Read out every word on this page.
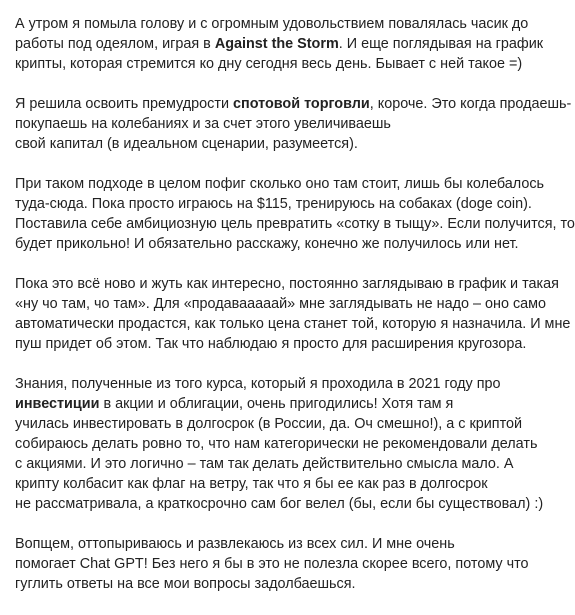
А утром я помыла голову и с огромным удовольствием повалялась часик до
работы под одеялом, играя в Against the Storm. И еще поглядывая на график
крипты, которая стремится ко дну сегодня весь день. Бывает с ней такое =)

Я решила освоить премудрости спотовой торговли, короче. Это когда продаешь-
покупаешь на колебаниях и за счет этого увеличиваешь
свой капитал (в идеальном сценарии, разумеется).

При таком подходе в целом пофиг сколько оно там стоит, лишь бы колебалось
туда-сюда. Пока просто играюсь на $115, тренируюсь на собаках (doge coin).
Поставила себе амбициозную цель превратить «сотку в тыщу». Если получится, то
будет прикольно! И обязательно расскажу, конечно же получилось или нет.

Пока это всё ново и жуть как интересно, постоянно заглядываю в график и такая
«ну чо там, чо там». Для «продавааааай» мне заглядывать не надо – оно само
автоматически продастся, как только цена станет той, которую я назначила. И мне
пуш придет об этом. Так что наблюдаю я просто для расширения кругозора.

Знания, полученные из того курса, который я проходила в 2021 году про
инвестиции в акции и облигации, очень пригодились! Хотя там я
училась инвестировать в долгосрок (в России, да. Оч смешно!), а с криптой
собираюсь делать ровно то, что нам категорически не рекомендовали делать
с акциями. И это логично – там так делать действительно смысла мало. А
крипту колбасит как флаг на ветру, так что я бы ее как раз в долгосрок
не рассматривала, а краткосрочно сам бог велел (бы, если бы существовал) :)

Вопщем, оттопыриваюсь и развлекаюсь из всех сил. И мне очень
помогает Chat GPT! Без него я бы в это не полезла скорее всего, потому что
гуглить ответы на все мои вопросы задолбаешься.
